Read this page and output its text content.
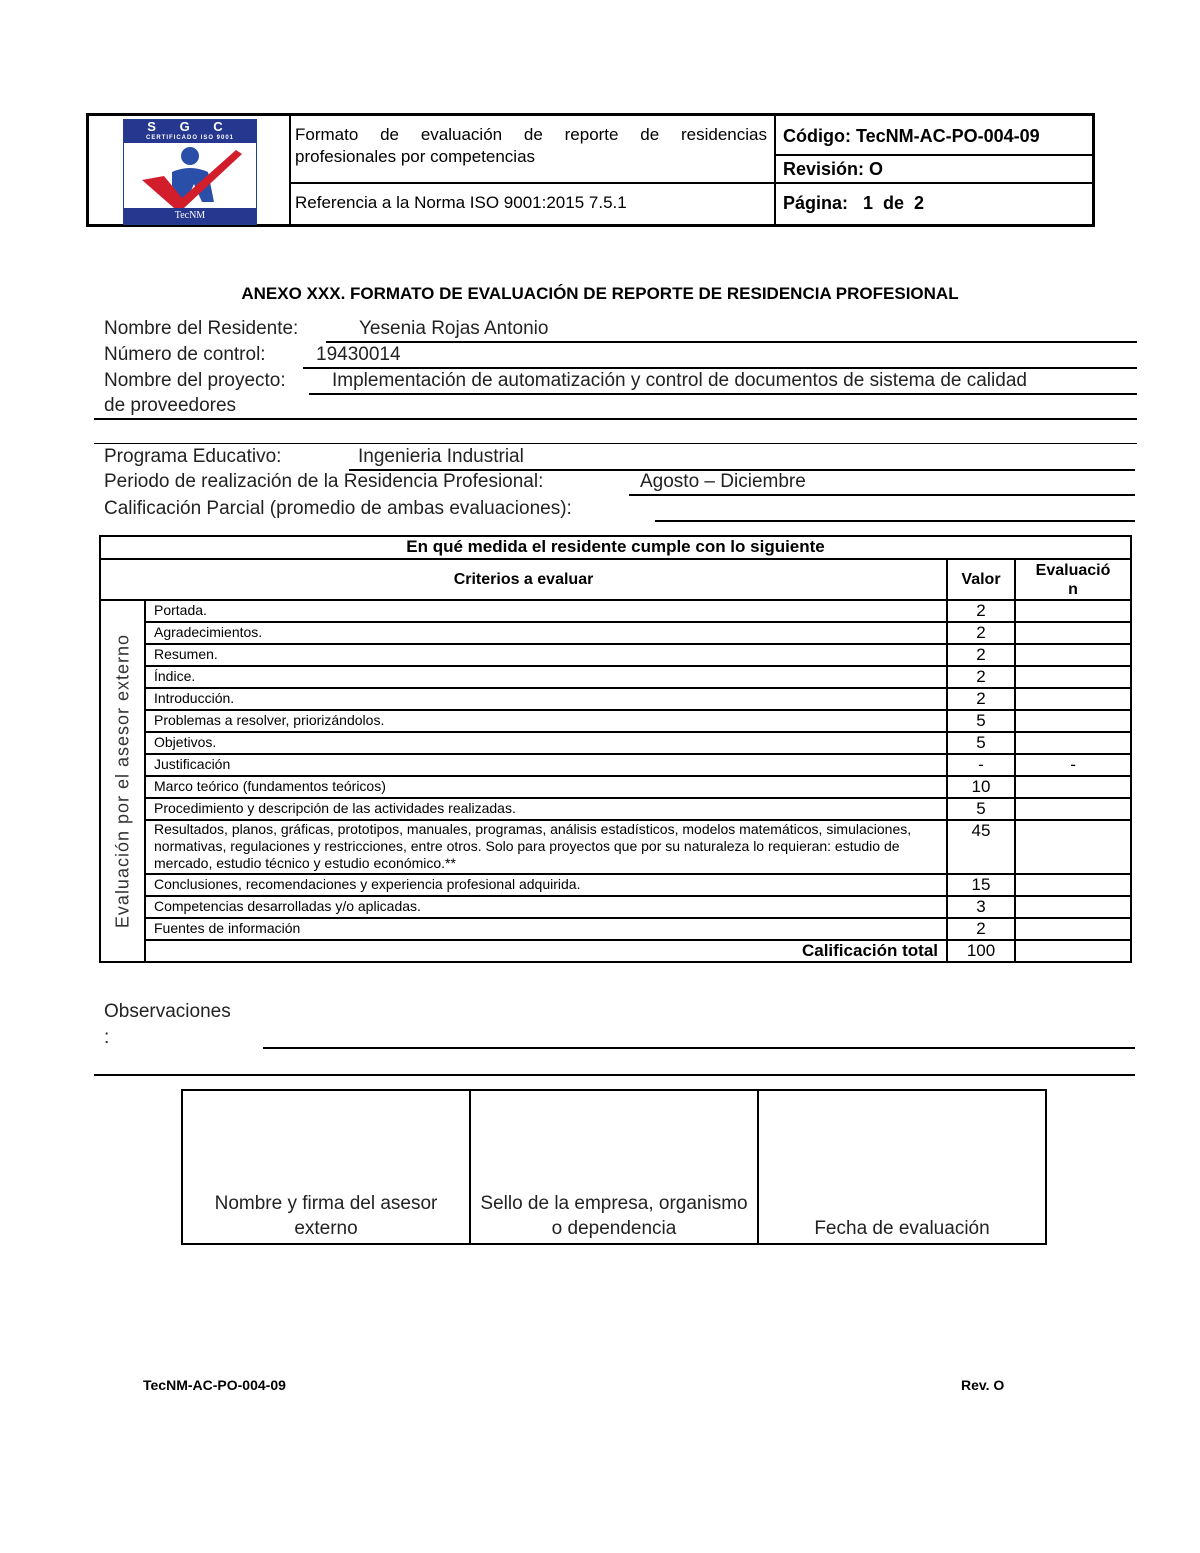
S G C
CERTIFICADO ISO 9001
TecNM
Formato de evaluación de reporte de residencias profesionales por competencias
Referencia a la Norma ISO 9001:2015 7.5.1
Código: TecNM-AC-PO-004-09
Revisión: O
Página:   1  de  2
ANEXO XXX. FORMATO DE EVALUACIÓN DE REPORTE DE RESIDENCIA PROFESIONAL
Nombre del Residente:	Yesenia Rojas Antonio
Número de control:	19430014
Nombre del proyecto: Implementación de automatización y control de documentos de sistema de calidad
de proveedores
Programa Educativo:	Ingenieria Industrial
Periodo de realización de la Residencia Profesional:	Agosto – Diciembre
Calificación Parcial (promedio de ambas evaluaciones):
En qué medida el residente cumple con lo siguiente			
Criterios a evaluar		Valor	Evaluació
n

Evaluación por el asesor externo	Portada.	2	
	Agradecimientos.	2	
	Resumen.	2	
	Índice.	2	
	Introducción.	2	
	Problemas a resolver, priorizándolos.	5	
	Objetivos.	5	
	Justificación	-	-
	Marco teórico (fundamentos teóricos)	10	
	Procedimiento y descripción de las actividades realizadas.	5	
	Resultados, planos, gráficas, prototipos, manuales, programas, análisis estadísticos, modelos matemáticos, simulaciones, normativas, regulaciones y restricciones, entre otros. Solo para proyectos que por su naturaleza lo requieran: estudio de mercado, estudio técnico y estudio económico.**	45	
	Conclusiones, recomendaciones y experiencia profesional adquirida.	15	
	Competencias desarrolladas y/o aplicadas.	3	
	Fuentes de información	2	
	Calificación total	100	
Observaciones
:
Nombre y firma del asesor externo	Sello de la empresa, organismo o dependencia	Fecha de evaluación
TecNM-AC-PO-004-09	Rev. O
